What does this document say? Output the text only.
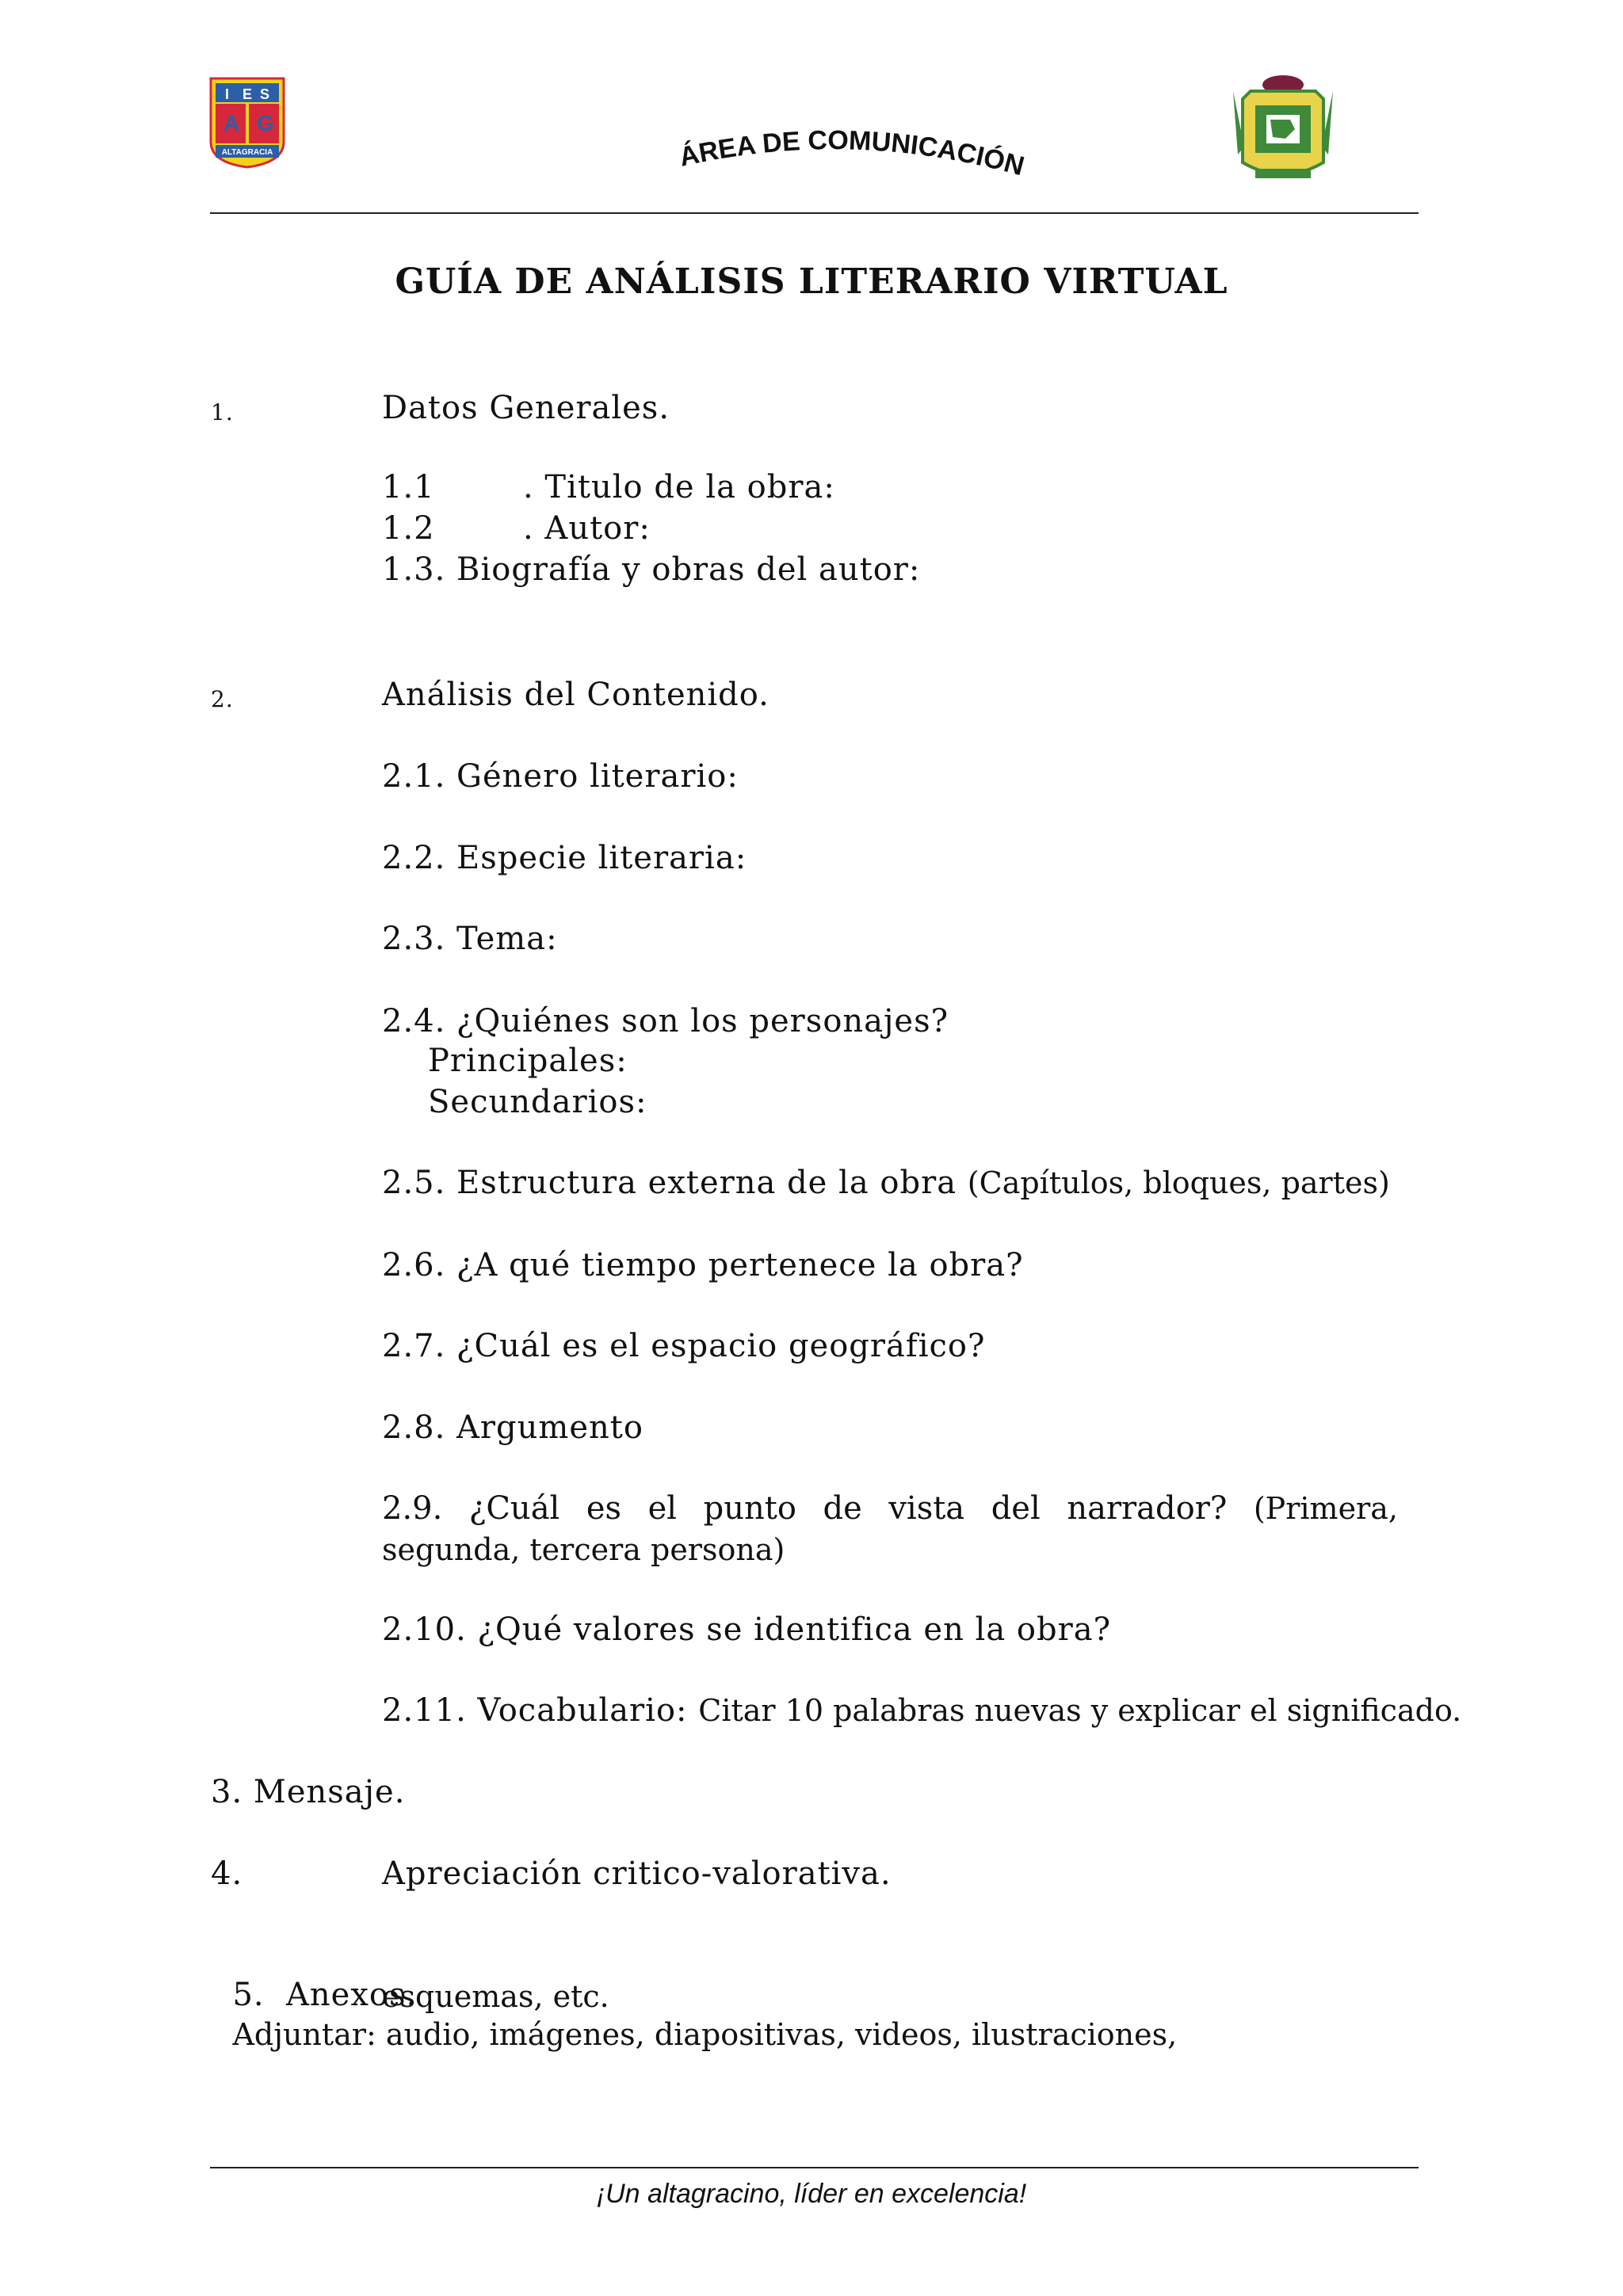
I E S
A G
ALTAGRACIA	ÁREA DE COMUNICACIÓN
GUÍA DE ANÁLISIS LITERARIO VIRTUAL
1.	Datos Generales.
1.1	. Titulo de la obra:
1.2	. Autor:
1.3. Biografía y obras del autor:
2.	Análisis del Contenido.
2.1. Género literario:
2.2. Especie literaria:
2.3. Tema:
2.4. ¿Quiénes son los personajes?
Principales:
Secundarios:
2.5. Estructura externa de la obra (Capítulos, bloques, partes)
2.6. ¿A qué tiempo pertenece la obra?
2.7. ¿Cuál es el espacio geográfico?
2.8. Argumento
2.9. ¿Cuál es el punto de vista del narrador? (Primera,
segunda, tercera persona)
2.10. ¿Qué valores se identifica en la obra?
2.11. Vocabulario: Citar 10 palabras nuevas y explicar el significado.
3. Mensaje.
4.	Apreciación critico-valorativa.

5.  Anexos.
Adjuntar: audio, imágenes, diapositivas, videos, ilustraciones,

esquemas, etc.
¡Un altagracino, líder en excelencia!
